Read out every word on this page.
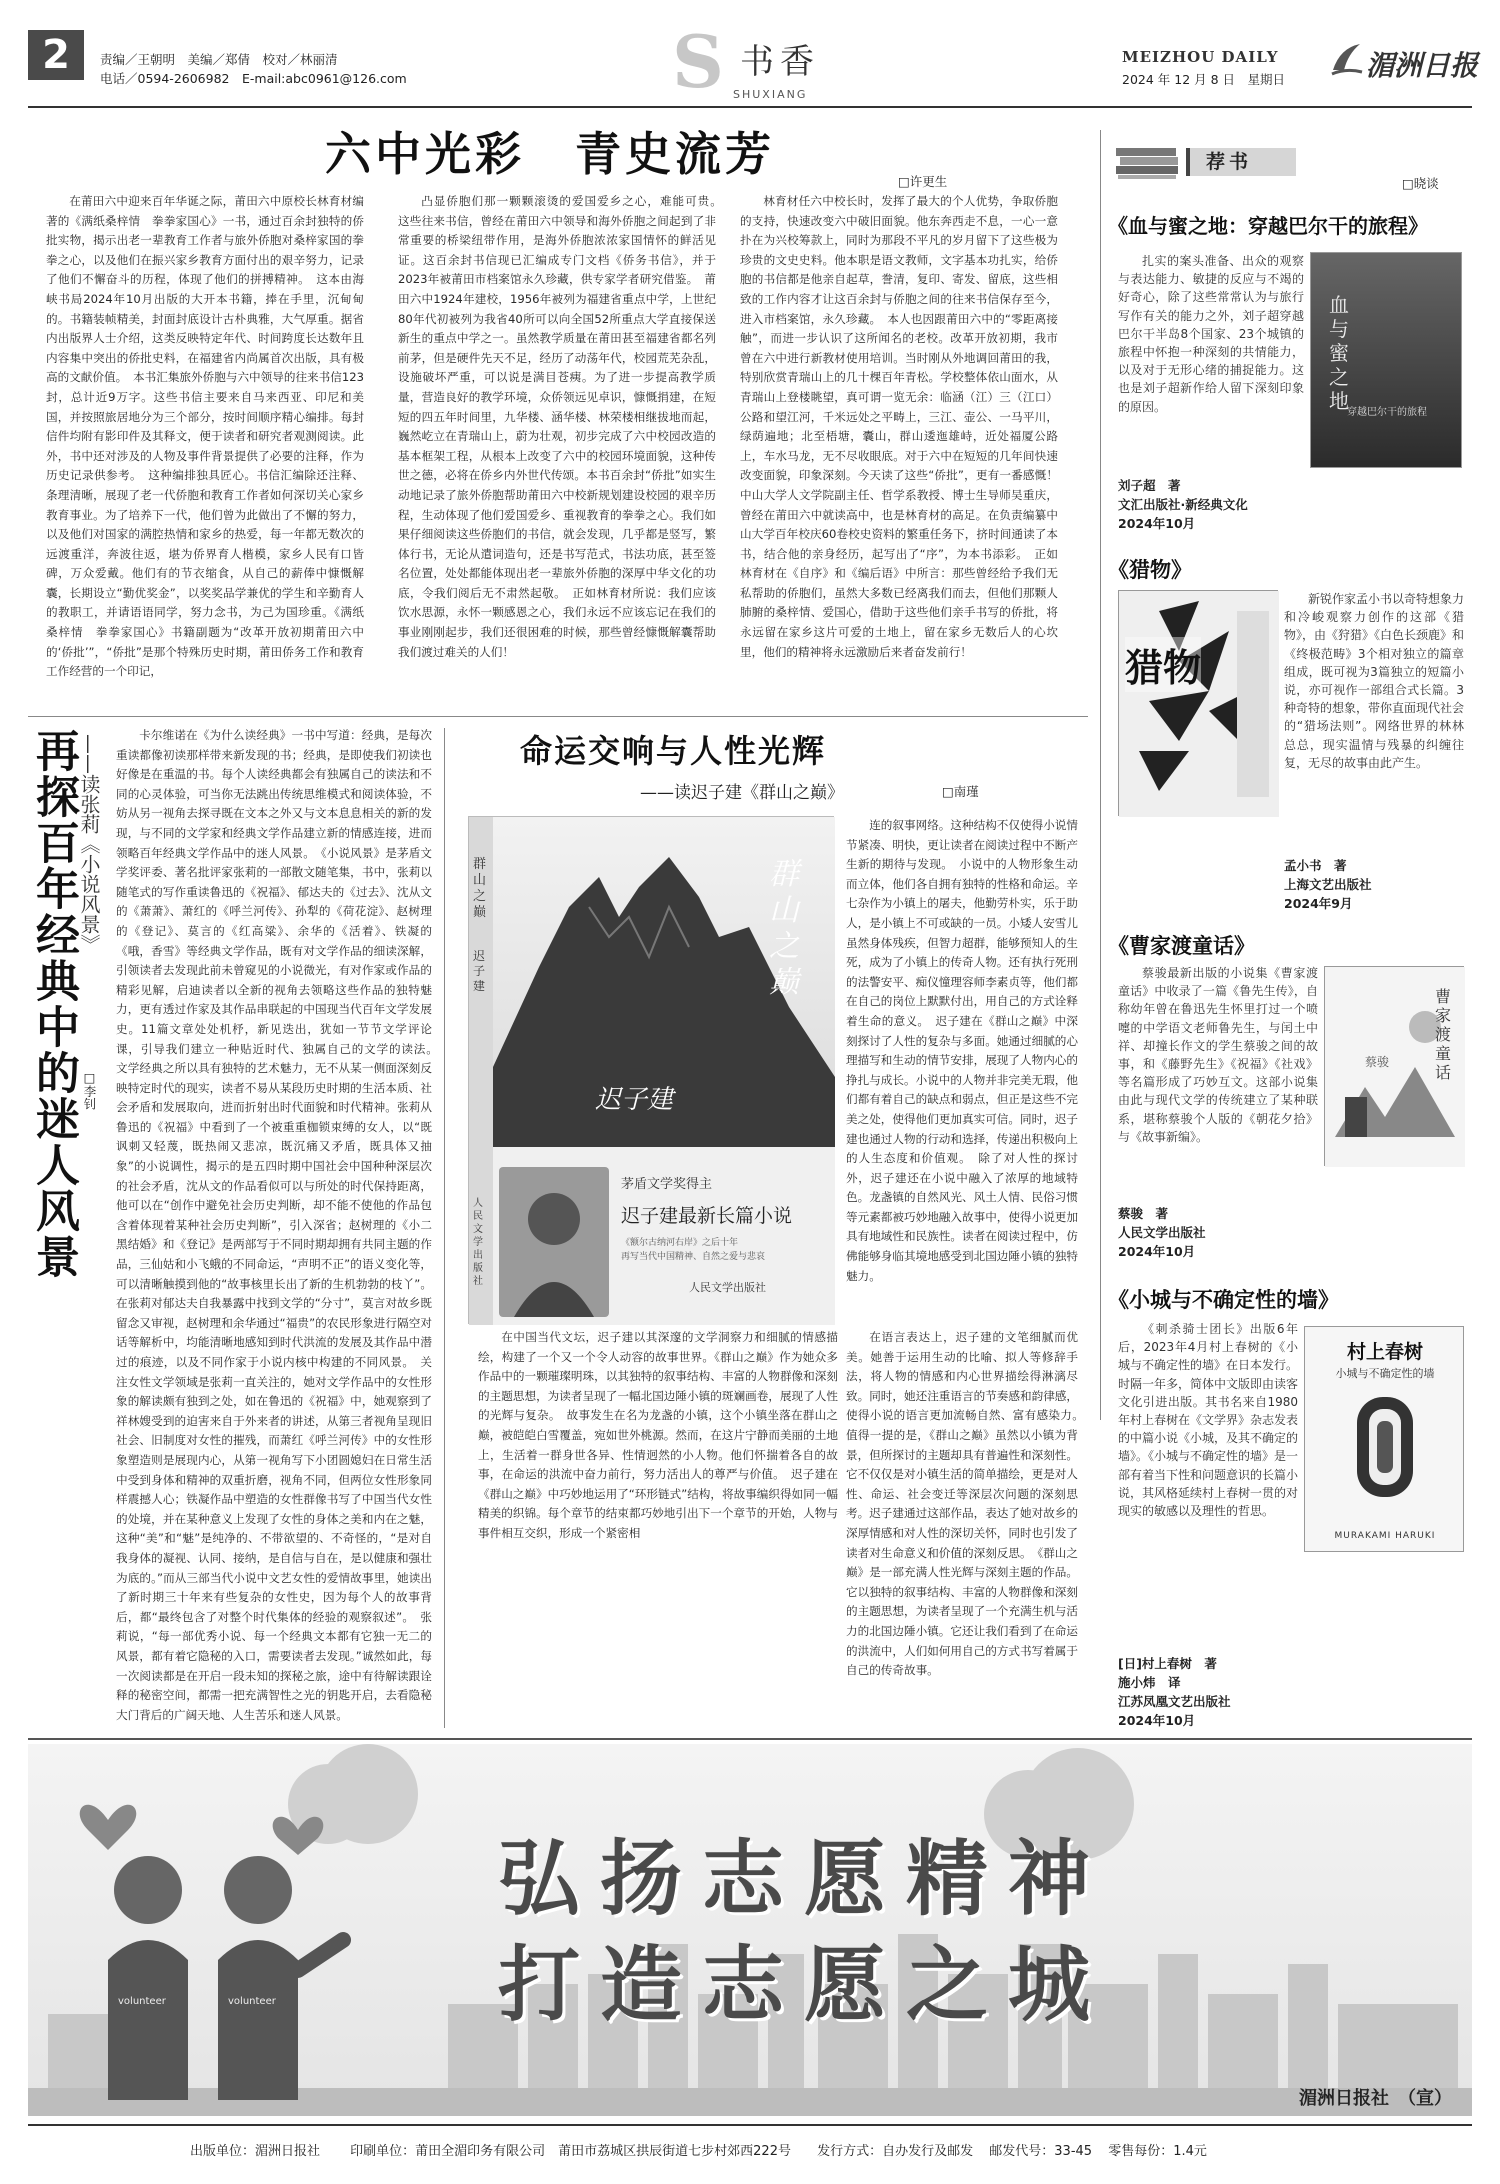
2	责编／王朝明　美编／郑倩　校对／林丽清
电话／0594-2606982　E-mail:abc0961@126.com	S 书香
SHUXIANG
MEIZHOU DAILY
2024 年 12 月 8 日　星期日	湄洲日报
六中光彩　青史流芳
□许更生
在莆田六中迎来百年华诞之际，莆田六中原校长林育材编著的《满纸桑梓情　拳拳家国心》一书，通过百余封独特的侨批实物，揭示出老一辈教育工作者与旅外侨胞对桑梓家国的拳拳之心，以及他们在振兴家乡教育方面付出的艰辛努力，记录了他们不懈奋斗的历程，体现了他们的拼搏精神。　这本由海峡书局2024年10月出版的大开本书籍，捧在手里，沉甸甸的。书籍装帧精美，封面封底设计古朴典雅，大气厚重。据省内出版界人士介绍，这类反映特定年代、时间跨度长达数年且内容集中突出的侨批史料，在福建省内尚属首次出版，具有极高的文献价值。　本书汇集旅外侨胞与六中领导的往来书信123封，总计近9万字。这些书信主要来自马来西亚、印尼和美国，并按照旅居地分为三个部分，按时间顺序精心编排。每封信件均附有影印件及其释文，便于读者和研究者观测阅读。此外，书中还对涉及的人物及事件背景提供了必要的注释，作为历史记录供参考。　这种编排独具匠心。书信汇编除还注释、条理清晰，展现了老一代侨胞和教育工作者如何深切关心家乡教育事业。为了培养下一代，他们曾为此做出了不懈的努力，以及他们对国家的满腔热情和家乡的热爱，每一年都无数次的远渡重洋，奔波往返，堪为侨界育人楷模，家乡人民有口皆碑，万众爱戴。他们有的节衣缩食，从自己的薪俸中慷慨解囊，长期设立“勤优奖金”，以奖奖品学兼优的学生和辛勤育人的教职工，并请语语同学，努力念书，为己为国珍重。《满纸桑梓情　拳拳家国心》书籍副题为“改革开放初期莆田六中的‘侨批’”，“侨批”是那个特殊历史时期，莆田侨务工作和教育工作经营的一个印记，
凸显侨胞们那一颗颗滚烫的爱国爱乡之心，难能可贵。　这些往来书信，曾经在莆田六中领导和海外侨胞之间起到了非常重要的桥梁纽带作用，是海外侨胞浓浓家国情怀的鲜活见证。这百余封书信现已汇编成专门文档《侨务书信》，并于2023年被莆田市档案馆永久珍藏，供专家学者研究借鉴。　莆田六中1924年建校，1956年被列为福建省重点中学，上世纪80年代初被列为我省40所可以向全国52所重点大学直接保送新生的重点中学之一。虽然教学质量在莆田甚至福建省都名列前茅，但是硬件先天不足，经历了动荡年代，校园荒芜杂乱，设施破坏严重，可以说是满目苍痍。为了进一步提高教学质量，营造良好的教学环境，众侨领远见卓识，慷慨捐建，在短短的四五年时间里，九华楼、涵华楼、林荣楼相继拔地而起，巍然屹立在青瑞山上，蔚为壮观，初步完成了六中校园改造的基本框架工程，从根本上改变了六中的校园环境面貌，这种传世之德，必将在侨乡内外世代传颂。本书百余封“侨批”如实生动地记录了旅外侨胞帮助莆田六中校新规划建设校园的艰辛历程，生动体现了他们爱国爱乡、重视教育的拳拳之心。我们如果仔细阅读这些侨胞们的书信，就会发现，几乎都是竖写，繁体行书，无论从遣词造句，还是书写范式，书法功底，甚至签名位置，处处都能体现出老一辈旅外侨胞的深厚中华文化的功底，令我们阅后无不肃然起敬。　正如林育材所说：我们应该饮水思源，永怀一颗感恩之心，我们永远不应该忘记在我们的事业刚刚起步，我们还很困难的时候，那些曾经慷慨解囊帮助我们渡过难关的人们！
林育材任六中校长时，发挥了最大的个人优势，争取侨胞的支持，快速改变六中破旧面貌。他东奔西走不息，一心一意扑在为兴校筹款上，同时为那段不平凡的岁月留下了这些极为珍贵的文史史料。他本职是语文教师，文字基本功扎实，给侨胞的书信都是他亲自起草，誊清，复印、寄发、留底，这些相致的工作内容才让这百余封与侨胞之间的往来书信保存至今，进入市档案馆，永久珍藏。　本人也因跟莆田六中的“零距离接触”，而进一步认识了这所闻名的老校。改革开放初期，我市曾在六中进行新教材使用培训。当时刚从外地调回莆田的我，特别欣赏青瑞山上的几十棵百年青松。学校整体依山面水，从青瑞山上登楼眺望，真可谓一览无余：临涵（江）三（江口）公路和望江河，千米远处之平畴上，三江、壶公、一马平川，绿荫遍地；北至梧塘，囊山，群山逶迤雄峙，近处福厦公路上，车水马龙，无不尽收眼底。对于六中在短短的几年间快速改变面貌，印象深刻。今天读了这些“侨批”，更有一番感慨！　中山大学人文学院副主任、哲学系教授、博士生导师吴重庆，曾经在莆田六中就读高中，也是林育材的高足。在负责编纂中山大学百年校庆60卷校史资料的繁重任务下，挤时间通读了本书，结合他的亲身经历，起写出了“序”，为本书添彩。　正如林育材在《自序》和《编后语》中所言：那些曾经给予我们无私帮助的侨胞们，虽然大多数已经离我们而去，但他们那颗人肺腑的桑梓情、爱国心，借助于这些他们亲手书写的侨批，将永远留在家乡这片可爱的土地上，留在家乡无数后人的心坎里，他们的精神将永远激励后来者奋发前行！
荐书
□晓谈
《血与蜜之地：穿越巴尔干的旅程》
扎实的案头准备、出众的观察与表达能力、敏捷的反应与不竭的好奇心，除了这些常常认为与旅行写作有关的能力之外，刘子超穿越巴尔干半岛8个国家、23个城镇的旅程中怀抱一种深刻的共情能力，以及对于无形心绪的捕捉能力。这也是刘子超新作给人留下深刻印象的原因。
血与蜜之地
穿越巴尔干的旅程
刘子超　著
文汇出版社·新经典文化
2024年10月
《猎物》
猎物
新锐作家孟小书以奇特想象力和冷峻观察力创作的这部《猎物》，由《狩猎》《白色长颈鹿》和《终极范畴》3个相对独立的篇章组成，既可视为3篇独立的短篇小说，亦可视作一部组合式长篇。3种奇特的想象，带你直面现代社会的“猎场法则”。网络世界的林林总总，现实温情与残暴的纠缠往复，无尽的故事由此产生。
孟小书　著
上海文艺出版社
2024年9月
《曹家渡童话》
蔡骏最新出版的小说集《曹家渡童话》中收录了一篇《鲁先生传》，自称幼年曾在鲁迅先生怀里打过一个喷嚏的中学语文老师鲁先生，与闰土中祥、却撞长作文的学生蔡骏之间的故事，和《藤野先生》《祝福》《社戏》等名篇形成了巧妙互文。这部小说集由此与现代文学的传统建立了某种联系，堪称蔡骏个人版的《朝花夕拾》与《故事新编》。
曹家渡童话
蔡骏
蔡骏　著
人民文学出版社
2024年10月
《小城与不确定性的墙》
《刺杀骑士团长》出版6年后，2023年4月村上春树的《小城与不确定性的墙》在日本发行。时隔一年多，简体中文版即由读客文化引进出版。其书名来自1980年村上春树在《文学界》杂志发表的中篇小说《小城，及其不确定的墙》。《小城与不确定性的墙》是一部有着当下性和问题意识的长篇小说，其风格延续村上春树一贯的对现实的敏感以及理性的哲思。
村上春树
小城与不确定性的墙
MURAKAMI HARUKI
[日]村上春树　著
施小炜　译
江苏凤凰文艺出版社
2024年10月
再探百年经典中的迷人风景
——读张莉《小说风景》
□李钊
卡尔维诺在《为什么读经典》一书中写道：经典，是每次重读都像初读那样带来新发现的书；经典，是即使我们初读也好像是在重温的书。每个人读经典都会有独属自己的读法和不同的心灵体验，可当你无法跳出传统思维模式和阅读体验，不妨从另一视角去探寻既在文本之外又与文本息息相关的新的发现，与不同的文学家和经典文学作品建立新的情感连接，进而领略百年经典文学作品中的迷人风景。　《小说风景》是茅盾文学奖评委、著名批评家张莉的一部散文随笔集，书中，张莉以随笔式的写作重读鲁迅的《祝福》、郁达夫的《过去》、沈从文的《萧萧》、萧红的《呼兰河传》、孙犁的《荷花淀》、赵树理的《登记》、莫言的《红高粱》、余华的《活着》、铁凝的《哦，香雪》等经典文学作品，既有对文学作品的细读深解，引领读者去发现此前未曾窥见的小说微光，有对作家或作品的精彩见解，启迪读者以全新的视角去领略这些作品的独特魅力，更有透过作家及其作品串联起的中国现当代百年文学发展史。11篇文章处处机杼，新见迭出，犹如一节节文学评论课，引导我们建立一种贴近时代、独属自己的文学的读法。　文学经典之所以具有独特的艺术魅力，无不从某一侧面深刻反映特定时代的现实，读者不易从某段历史时期的生活本质、社会矛盾和发展取向，进而折射出时代面貌和时代精神。张莉从鲁迅的《祝福》中看到了一个被重重枷锁束缚的女人，以“既讽刺又轻蔑，既热闹又悲凉，既沉痛又矛盾，既具体又抽象”的小说调性，揭示的是五四时期中国社会中国种种深层次的社会矛盾，沈从文的作品看似可以与所处的时代保持距离，他可以在“创作中避免社会历史判断，却不能不使他的作品包含着体现着某种社会历史判断”，引入深省；赵树理的《小二黑结婚》和《登记》是两部写于不同时期却拥有共同主题的作品，三仙姑和小飞蛾的不同命运，“声明不正”的语义变化等，可以清晰触摸到他的“故事核里长出了新的生机勃勃的枝丫”。在张莉对郁达夫自我暴露中找到文学的“分寸”，莫言对故乡既留念又审视，赵树理和余华通过“福贵”的农民形象进行隔空对话等解析中，均能清晰地感知到时代洪流的发展及其作品中潜过的痕迹，以及不同作家于小说内核中构建的不同风景。　关注女性文学领域是张莉一直关注的，她对文学作品中的女性形象的解读颇有独到之处，如在鲁迅的《祝福》中，她观察到了祥林嫂受到的迫害来自于外来者的讲述，从第三者视角呈现旧社会、旧制度对女性的摧残，而萧红《呼兰河传》中的女性形象塑造则是展现内心，从第一视角写下小团圆媳妇在日常生活中受到身体和精神的双重折磨，视角不同，但两位女性形象同样震撼人心；铁凝作品中塑造的女性群像书写了中国当代女性的处境，并在某种意义上发现了女性的身体之美和内在之魅，这种“美”和“魅”是纯净的、不带欲望的、不奇怪的，“是对自我身体的凝视、认同、接纳，是自信与自在，是以健康和强壮为底的。”而从三部当代小说中文艺女性的爱情故事里，她读出了新时期三十年来有些复杂的女性史，因为每个人的故事背后，都“最终包含了对整个时代集体的经验的观察叙述”。　张莉说，“每一部优秀小说、每一个经典文本都有它独一无二的风景，都有着它隐秘的入口，需要读者去发现。”诚然如此，每一次阅读都是在开启一段未知的探秘之旅，途中有待解读跟诠释的秘密空间，都需一把充满智性之光的钥匙开启，去看隐秘大门背后的广阔天地、人生苦乐和迷人风景。
命运交响与人性光辉
——读迟子建《群山之巅》	□南瑾
群山之巅
迟子建
群山之巅
迟子建
茅盾文学奖得主
迟子建最新长篇小说
《额尔古纳河右岸》之后十年
再写当代中国精神、自然之爱与悲哀
人民文学出版社
人民文学出版社
在中国当代文坛，迟子建以其深邃的文学洞察力和细腻的情感描绘，构建了一个又一个令人动容的故事世界。《群山之巅》作为她众多作品中的一颗璀璨明珠，以其独特的叙事结构、丰富的人物群像和深刻的主题思想，为读者呈现了一幅北国边陲小镇的斑斓画卷，展现了人性的光辉与复杂。　故事发生在名为龙盏的小镇，这个小镇坐落在群山之巅，被皑皑白雪覆盖，宛如世外桃源。然而，在这片宁静而美丽的土地上，生活着一群身世各异、性情迥然的小人物。他们怀揣着各自的故事，在命运的洪流中奋力前行，努力活出人的尊严与价值。　迟子建在《群山之巅》中巧妙地运用了“环形链式”结构，将故事编织得如同一幅精美的织锦。每个章节的结束都巧妙地引出下一个章节的开始，人物与事件相互交织，形成一个紧密相
连的叙事网络。这种结构不仅使得小说情节紧凑、明快，更让读者在阅读过程中不断产生新的期待与发现。　小说中的人物形象生动而立体，他们各自拥有独特的性格和命运。辛七杂作为小镇上的屠夫，他勤劳朴实，乐于助人，是小镇上不可或缺的一员。小矮人安雪儿虽然身体残疾，但智力超群，能够预知人的生死，成为了小镇上的传奇人物。还有执行死刑的法警安平、痴仪憧理容师李素贞等，他们都在自己的岗位上默默付出，用自己的方式诠释着生命的意义。　迟子建在《群山之巅》中深刻探讨了人性的复杂与多面。她通过细腻的心理描写和生动的情节安排，展现了人物内心的挣扎与成长。小说中的人物并非完美无瑕，他们都有着自己的缺点和弱点，但正是这些不完美之处，使得他们更加真实可信。同时，迟子建也通过人物的行动和选择，传递出积极向上的人生态度和价值观。　除了对人性的探讨外，迟子建还在小说中融入了浓厚的地域特色。龙盏镇的自然风光、风土人情、民俗习惯等元素都被巧妙地融入故事中，使得小说更加具有地域性和民族性。读者在阅读过程中，仿佛能够身临其境地感受到北国边陲小镇的独特魅力。
在语言表达上，迟子建的文笔细腻而优美。她善于运用生动的比喻、拟人等修辞手法，将人物的情感和内心世界描绘得淋漓尽致。同时，她还注重语言的节奏感和韵律感，使得小说的语言更加流畅自然、富有感染力。　值得一提的是，《群山之巅》虽然以小镇为背景，但所探讨的主题却具有普遍性和深刻性。它不仅仅是对小镇生活的简单描绘，更是对人性、命运、社会变迁等深层次问题的深刻思考。迟子建通过这部作品，表达了她对故乡的深厚情感和对人性的深切关怀，同时也引发了读者对生命意义和价值的深刻反思。　《群山之巅》是一部充满人性光辉与深刻主题的作品。它以独特的叙事结构、丰富的人物群像和深刻的主题思想，为读者呈现了一个充满生机与活力的北国边陲小镇。它还让我们看到了在命运的洪流中，人们如何用自己的方式书写着属于自己的传奇故事。
volunteer	volunteer
弘扬志愿精神
打造志愿之城
湄洲日报社　（宣）
出版单位：湄洲日报社 印刷单位：莆田全湄印务有限公司　莆田市荔城区拱辰街道七步村郊西222号 发行方式：自办发行及邮发 邮发代号：33-45 零售每份：1.4元
